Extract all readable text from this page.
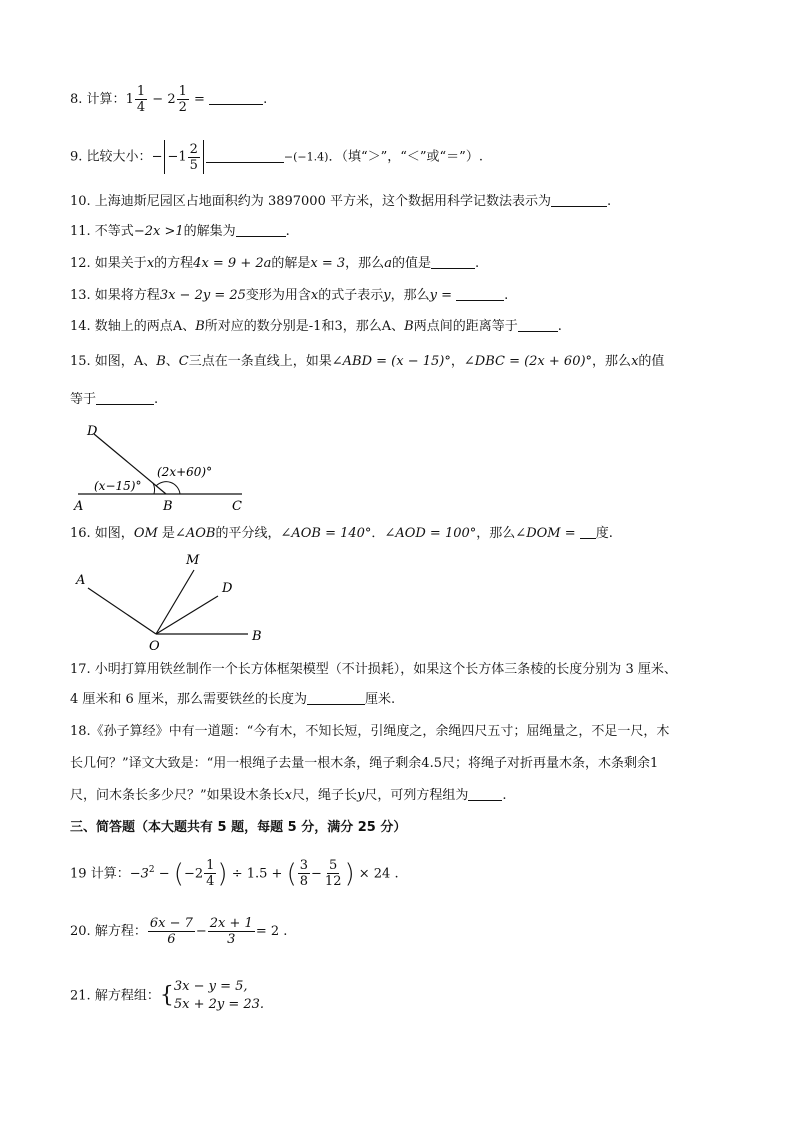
8. 计算：$1 \frac{1}{4} - 2 \frac{1}{2}$ =	.
9. 比较大小：− $-1 \frac{2}{5}$	−(−1.4)．（填“＞”，“＜”或“＝”）.
10. 上海迪斯尼园区占地面积约为 3897000 平方米，这个数据用科学记数法表示为	.
11. 不等式−2x >1的解集为	.
12. 如果关于x的方程4x = 9 + 2a的解是x = 3，那么a的值是	.
13. 如果将方程3x − 2y = 25变形为用含x的式子表示y，那么y =	.
14. 数轴上的两点A、B所对应的数分别是-1和3，那么A、B两点间的距离等于	.
15. 如图，A、B、C三点在一条直线上，如果∠ABD = (x − 15)°，∠DBC = (2x + 60)°，那么x的值
等于	.
D
A	B	C
(x−15)°
(2x+60)°
16. 如图，OM 是∠AOB的平分线，∠AOB = 140°．∠AOD = 100°，那么∠DOM = 度.
A
M
D
O
B
17. 小明打算用铁丝制作一个长方体框架模型（不计损耗），如果这个长方体三条棱的长度分别为 3 厘米、
4 厘米和 6 厘米，那么需要铁丝的长度为	厘米.
18.《孙子算经》中有一道题：“今有木，不知长短，引绳度之，余绳四尺五寸；屈绳量之，不足一尺，木
长几何？”译文大致是：“用一根绳子去量一根木条，绳子剩余4.5尺；将绳子对折再量木条，木条剩余1
尺，问木条长多少尺？”如果设木条长x尺，绳子长y尺，可列方程组为	.
三、简答题（本大题共有 5 题，每题 5 分，满分 25 分）
19 计算：$-3^2 - (-2 \frac{1}{4}$ ) ÷ 1.5 + ( $\frac{3}{8} - \frac{5}{12}$ ) × 24 .
20. 解方程： $\frac{6x - 7}{6} - \frac{2x + 1}{3} = 2$ .
21. 解方程组：{ 3x − y = 5,
5x + 2y = 23.
